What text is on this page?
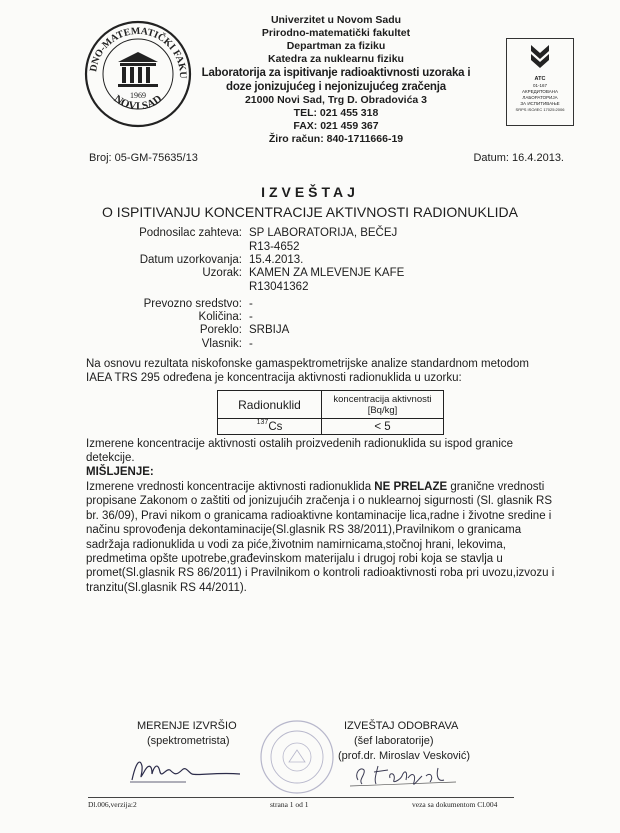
DNO-MATEMATIČKI FAKU
NOVI SAD
1969
Univerzitet u Novom Sadu
Prirodno-matematički fakultet
Departman za fiziku
Katedra za nuklearnu fiziku
Laboratorija za ispitivanje radioaktivnosti uzoraka i
doze jonizujućeg i nejonizujućeg zračenja
21000 Novi Sad, Trg D. Obradovića 3
TEL: 021 455 318
FAX: 021 459 367
Žiro račun: 840-1711666-19
ATC
01-167
АКРЕДИТОВАНА
ЛАБОРАТОРИЈА
ЗА ИСПИТИВАЊЕ
SRPS ISO/IEC 17025:2006
Broj: 05-GM-75635/13	Datum: 16.4.2013.
IZVEŠTAJ
O ISPITIVANJU KONCENTRACIJE AKTIVNOSTI RADIONUKLIDA
Podnosilac zahteva: SP LABORATORIJA, BEČEJ
R13-4652
Datum uzorkovanja: 15.4.2013.
Uzorak: KAMEN ZA MLEVENJE KAFE
R13041362
Prevozno sredstvo: -
Količina: -
Poreklo: SRBIJA
Vlasnik: -
Na osnovu rezultata niskofonske gamaspektrometrijske analize standardnom metodom IAEA TRS 295 određena je koncentracija aktivnosti radionuklida u uzorku:
Radionuklid	koncentracija aktivnosti
[Bq/kg]

$^{137}$Cs	< 5
Izmerene koncentracije aktivnosti ostalih proizvedenih radionuklida su ispod granice detekcije.
MIŠLJENJE:
Izmerene vrednosti koncentracije aktivnosti radionuklida NE PRELAZE granične vrednosti propisane Zakonom o zaštiti od jonizujućih zračenja i o nuklearnoj sigurnosti (Sl. glasnik RS br. 36/09), Pravi nikom o granicama radioaktivne kontaminacije lica,radne i životne sredine i načinu sprovođenja dekontaminacije(Sl.glasnik RS 38/2011),Pravilnikom o granicama sadržaja radionuklida u vodi za piće,životnim namirnicama,stočnoj hrani, lekovima, predmetima opšte upotrebe,građevinskom materijalu i drugoj robi koja se stavlja u promet(Sl.glasnik RS 86/2011) i Pravilnikom o kontroli radioaktivnosti roba pri uvozu,izvozu i tranzitu(Sl.glasnik RS 44/2011).
MERENJE IZVRŠIO
(spektrometrista)
IZVEŠTAJ ODOBRAVA
(šef laboratorije)
(prof.dr. Miroslav Vesković)
Dl.006,verzija:2	strana 1 od 1	veza sa dokumentom Cl.004
